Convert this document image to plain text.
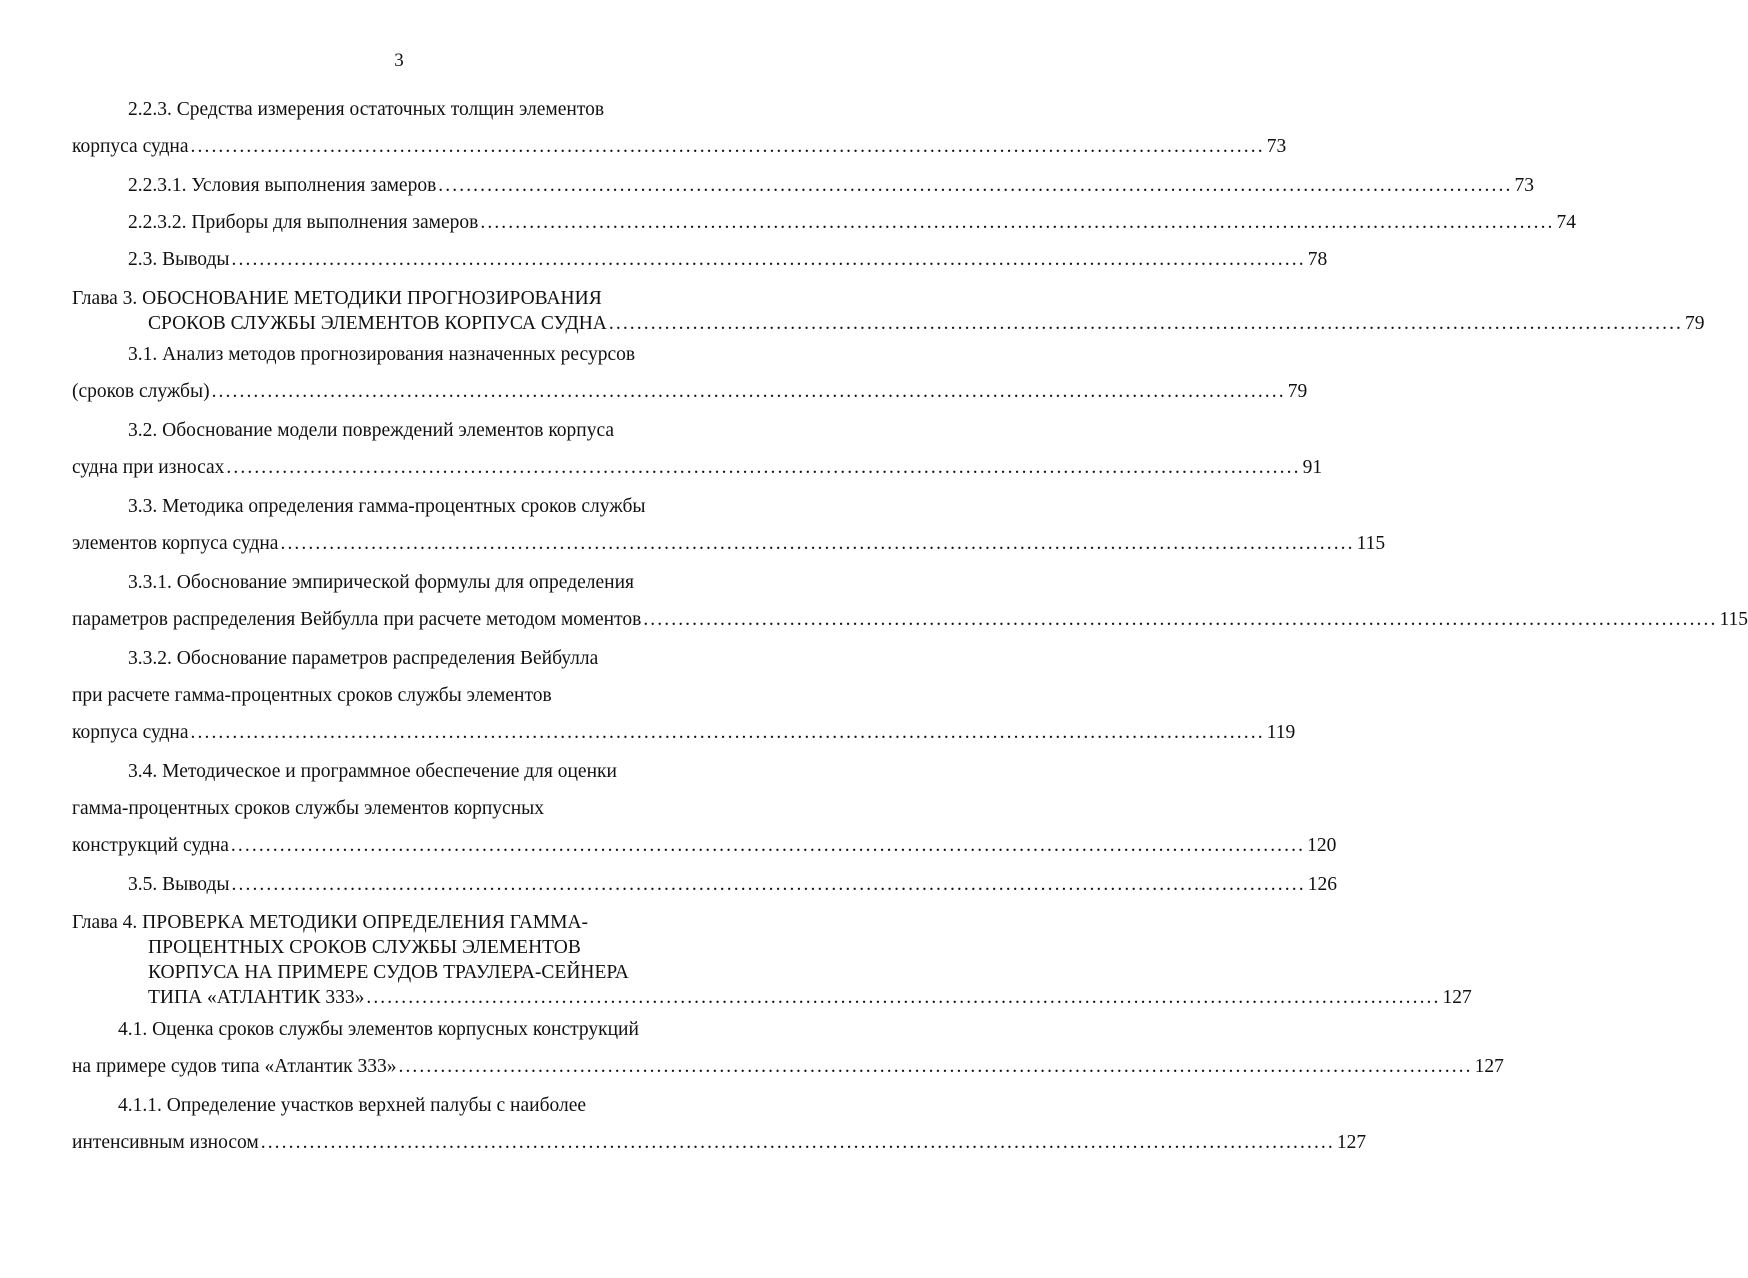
3
2.2.3. Средства измерения остаточных толщин элементов
корпуса судна .......................................................................................................................................................... 73
2.2.3.1. Условия выполнения замеров .......................................................................................................................................................... 73
2.2.3.2. Приборы для выполнения замеров .......................................................................................................................................................... 74
2.3. Выводы .......................................................................................................................................................... 78
Глава 3. ОБОСНОВАНИЕ МЕТОДИКИ ПРОГНОЗИРОВАНИЯ
СРОКОВ СЛУЖБЫ ЭЛЕМЕНТОВ КОРПУСА СУДНА .......................................................................................................................................................... 79
3.1. Анализ методов прогнозирования назначенных ресурсов
(сроков службы) .......................................................................................................................................................... 79
3.2. Обоснование модели повреждений элементов корпуса
судна при износах .......................................................................................................................................................... 91
3.3. Методика определения гамма-процентных сроков службы
элементов корпуса судна .......................................................................................................................................................... 115
3.3.1. Обоснование эмпирической формулы для определения
параметров распределения Вейбулла при расчете методом моментов .......................................................................................................................................................... 115
3.3.2. Обоснование параметров распределения Вейбулла
при расчете гамма-процентных сроков службы элементов
корпуса судна .......................................................................................................................................................... 119
3.4. Методическое и программное обеспечение для оценки
гамма-процентных сроков службы элементов корпусных
конструкций судна .......................................................................................................................................................... 120
3.5. Выводы .......................................................................................................................................................... 126
Глава 4. ПРОВЕРКА МЕТОДИКИ ОПРЕДЕЛЕНИЯ ГАММА-
ПРОЦЕНТНЫХ СРОКОВ СЛУЖБЫ ЭЛЕМЕНТОВ
КОРПУСА НА ПРИМЕРЕ СУДОВ ТРАУЛЕРА-СЕЙНЕРА
ТИПА «АТЛАНТИК 333» .......................................................................................................................................................... 127
4.1. Оценка сроков службы элементов корпусных конструкций
на примере судов типа «Атлантик 333» .......................................................................................................................................................... 127
4.1.1. Определение участков верхней палубы с наиболее
интенсивным износом .......................................................................................................................................................... 127
